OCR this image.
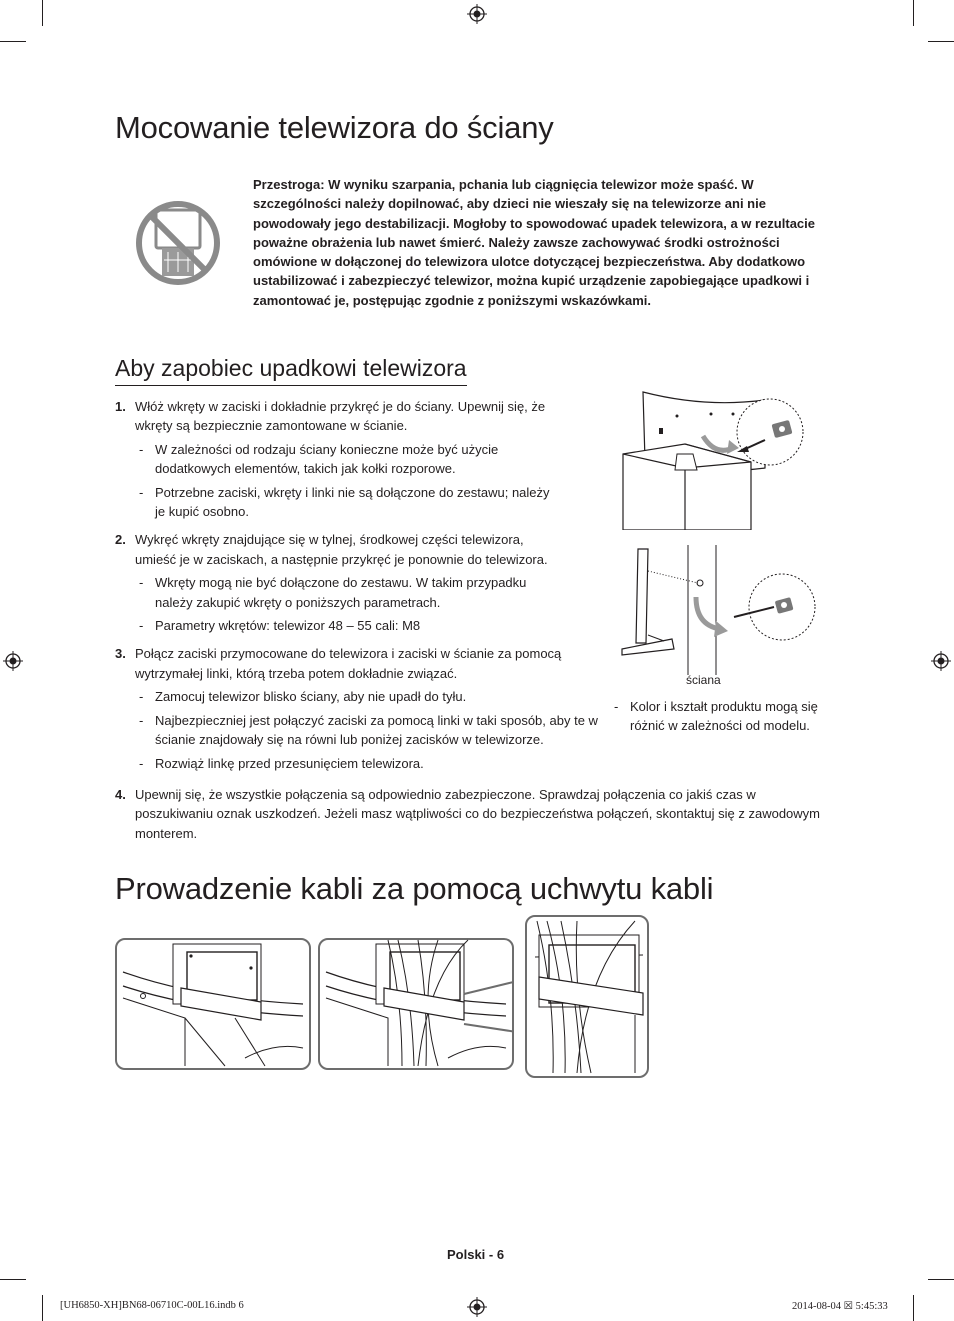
Mocowanie telewizora do ściany
Przestroga: W wyniku szarpania, pchania lub ciągnięcia telewizor może spaść. W szczególności należy dopilnować, aby dzieci nie wieszały się na telewizorze ani nie powodowały jego destabilizacji. Mogłoby to spowodować upadek telewizora, a w rezultacie poważne obrażenia lub nawet śmierć. Należy zawsze zachowywać środki ostrożności omówione w dołączonej do telewizora ulotce dotyczącej bezpieczeństwa. Aby dodatkowo ustabilizować i zabezpieczyć telewizor, można kupić urządzenie zapobiegające upadkowi i zamontować je, postępując zgodnie z poniższymi wskazówkami.
Aby zapobiec upadkowi telewizora
1. Włóż wkręty w zaciski i dokładnie przykręć je do ściany. Upewnij się, że wkręty są bezpiecznie zamontowane w ścianie.
- W zależności od rodzaju ściany konieczne może być użycie dodatkowych elementów, takich jak kołki rozporowe.
- Potrzebne zaciski, wkręty i linki nie są dołączone do zestawu; należy je kupić osobno.
2. Wykręć wkręty znajdujące się w tylnej, środkowej części telewizora, umieść je w zaciskach, a następnie przykręć je ponownie do telewizora.
- Wkręty mogą nie być dołączone do zestawu. W takim przypadku należy zakupić wkręty o poniższych parametrach.
- Parametry wkrętów: telewizor 48 – 55 cali: M8
3. Połącz zaciski przymocowane do telewizora i zaciski w ścianie za pomocą wytrzymałej linki, którą trzeba potem dokładnie związać.
- Zamocuj telewizor blisko ściany, aby nie upadł do tyłu.
- Najbezpieczniej jest połączyć zaciski za pomocą linki w taki sposób, aby te w ścianie znajdowały się na równi lub poniżej zacisków w telewizorze.
- Rozwiąż linkę przed przesunięciem telewizora.
4. Upewnij się, że wszystkie połączenia są odpowiednio zabezpieczone. Sprawdzaj połączenia co jakiś czas w poszukiwaniu oznak uszkodzeń. Jeżeli masz wątpliwości co do bezpieczeństwa połączeń, skontaktuj się z zawodowym monterem.
ściana
- Kolor i kształt produktu mogą się różnić w zależności od modelu.
Prowadzenie kabli za pomocą uchwytu kabli
Polski - 6
[UH6850-XH]BN68-06710C-00L16.indb 6	2014-08-04 ☒ 5:45:33
